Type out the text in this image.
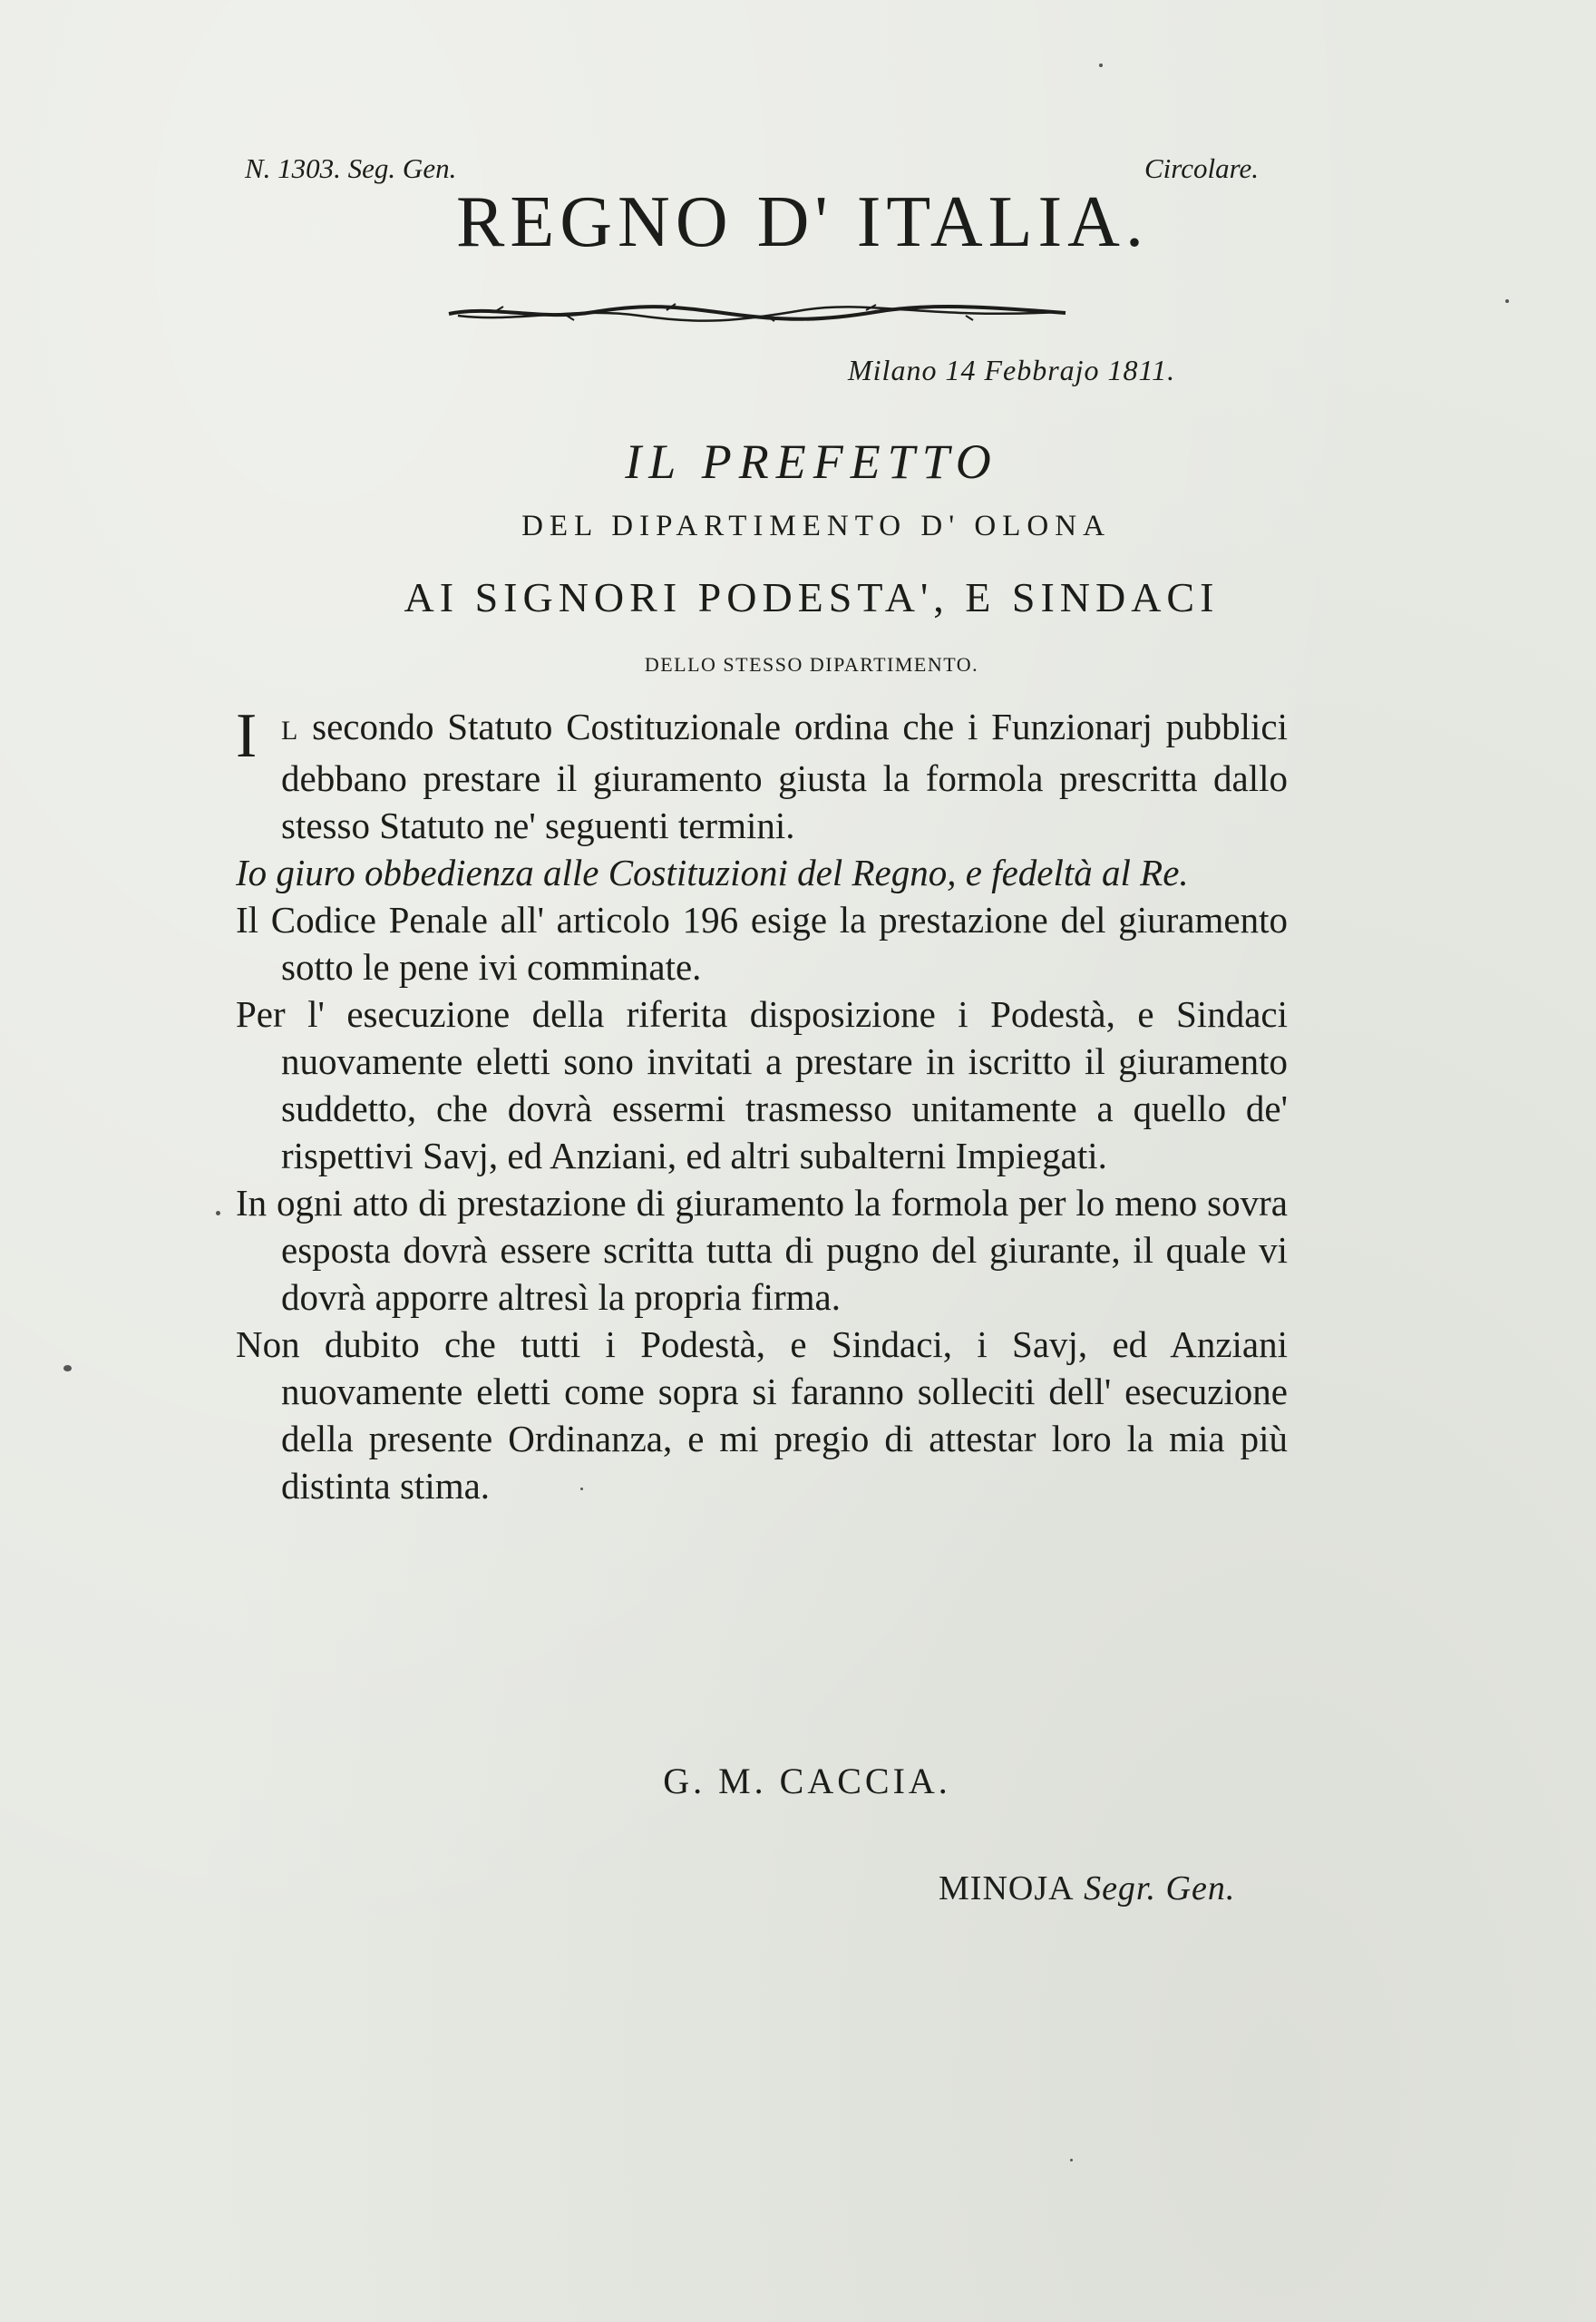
N. 1303. Seg. Gen.	Circolare.

REGNO D' ITALIA.

Milano 14 Febbrajo 1811.

IL PREFETTO

DEL DIPARTIMENTO D' OLONA

AI SIGNORI PODESTA', E SINDACI

DELLO STESSO DIPARTIMENTO.

I L secondo Statuto Costituzionale ordina che i Funzionarj pubblici debbano prestare il giuramento giusta la formola prescritta dallo stesso Statuto ne' seguenti termini.

Io giuro obbedienza alle Costituzioni del Regno, e fedeltà al Re.

Il Codice Penale all' articolo 196 esige la prestazione del giuramento sotto le pene ivi comminate.

Per l' esecuzione della riferita disposizione i Podestà, e Sindaci nuovamente eletti sono invitati a prestare in iscritto il giuramento suddetto, che dovrà essermi trasmesso unitamente a quello de' rispettivi Savj, ed Anziani, ed altri subalterni Impiegati.

In ogni atto di prestazione di giuramento la formola per lo meno sovra esposta dovrà essere scritta tutta di pugno del giurante, il quale vi dovrà apporre altresì la propria firma.

Non dubito che tutti i Podestà, e Sindaci, i Savj, ed Anziani nuovamente eletti come sopra si faranno solleciti dell' esecuzione della presente Ordinanza, e mi pregio di attestar loro la mia più distinta stima.

G. M. CACCIA.

MINOJA Segr. Gen.
